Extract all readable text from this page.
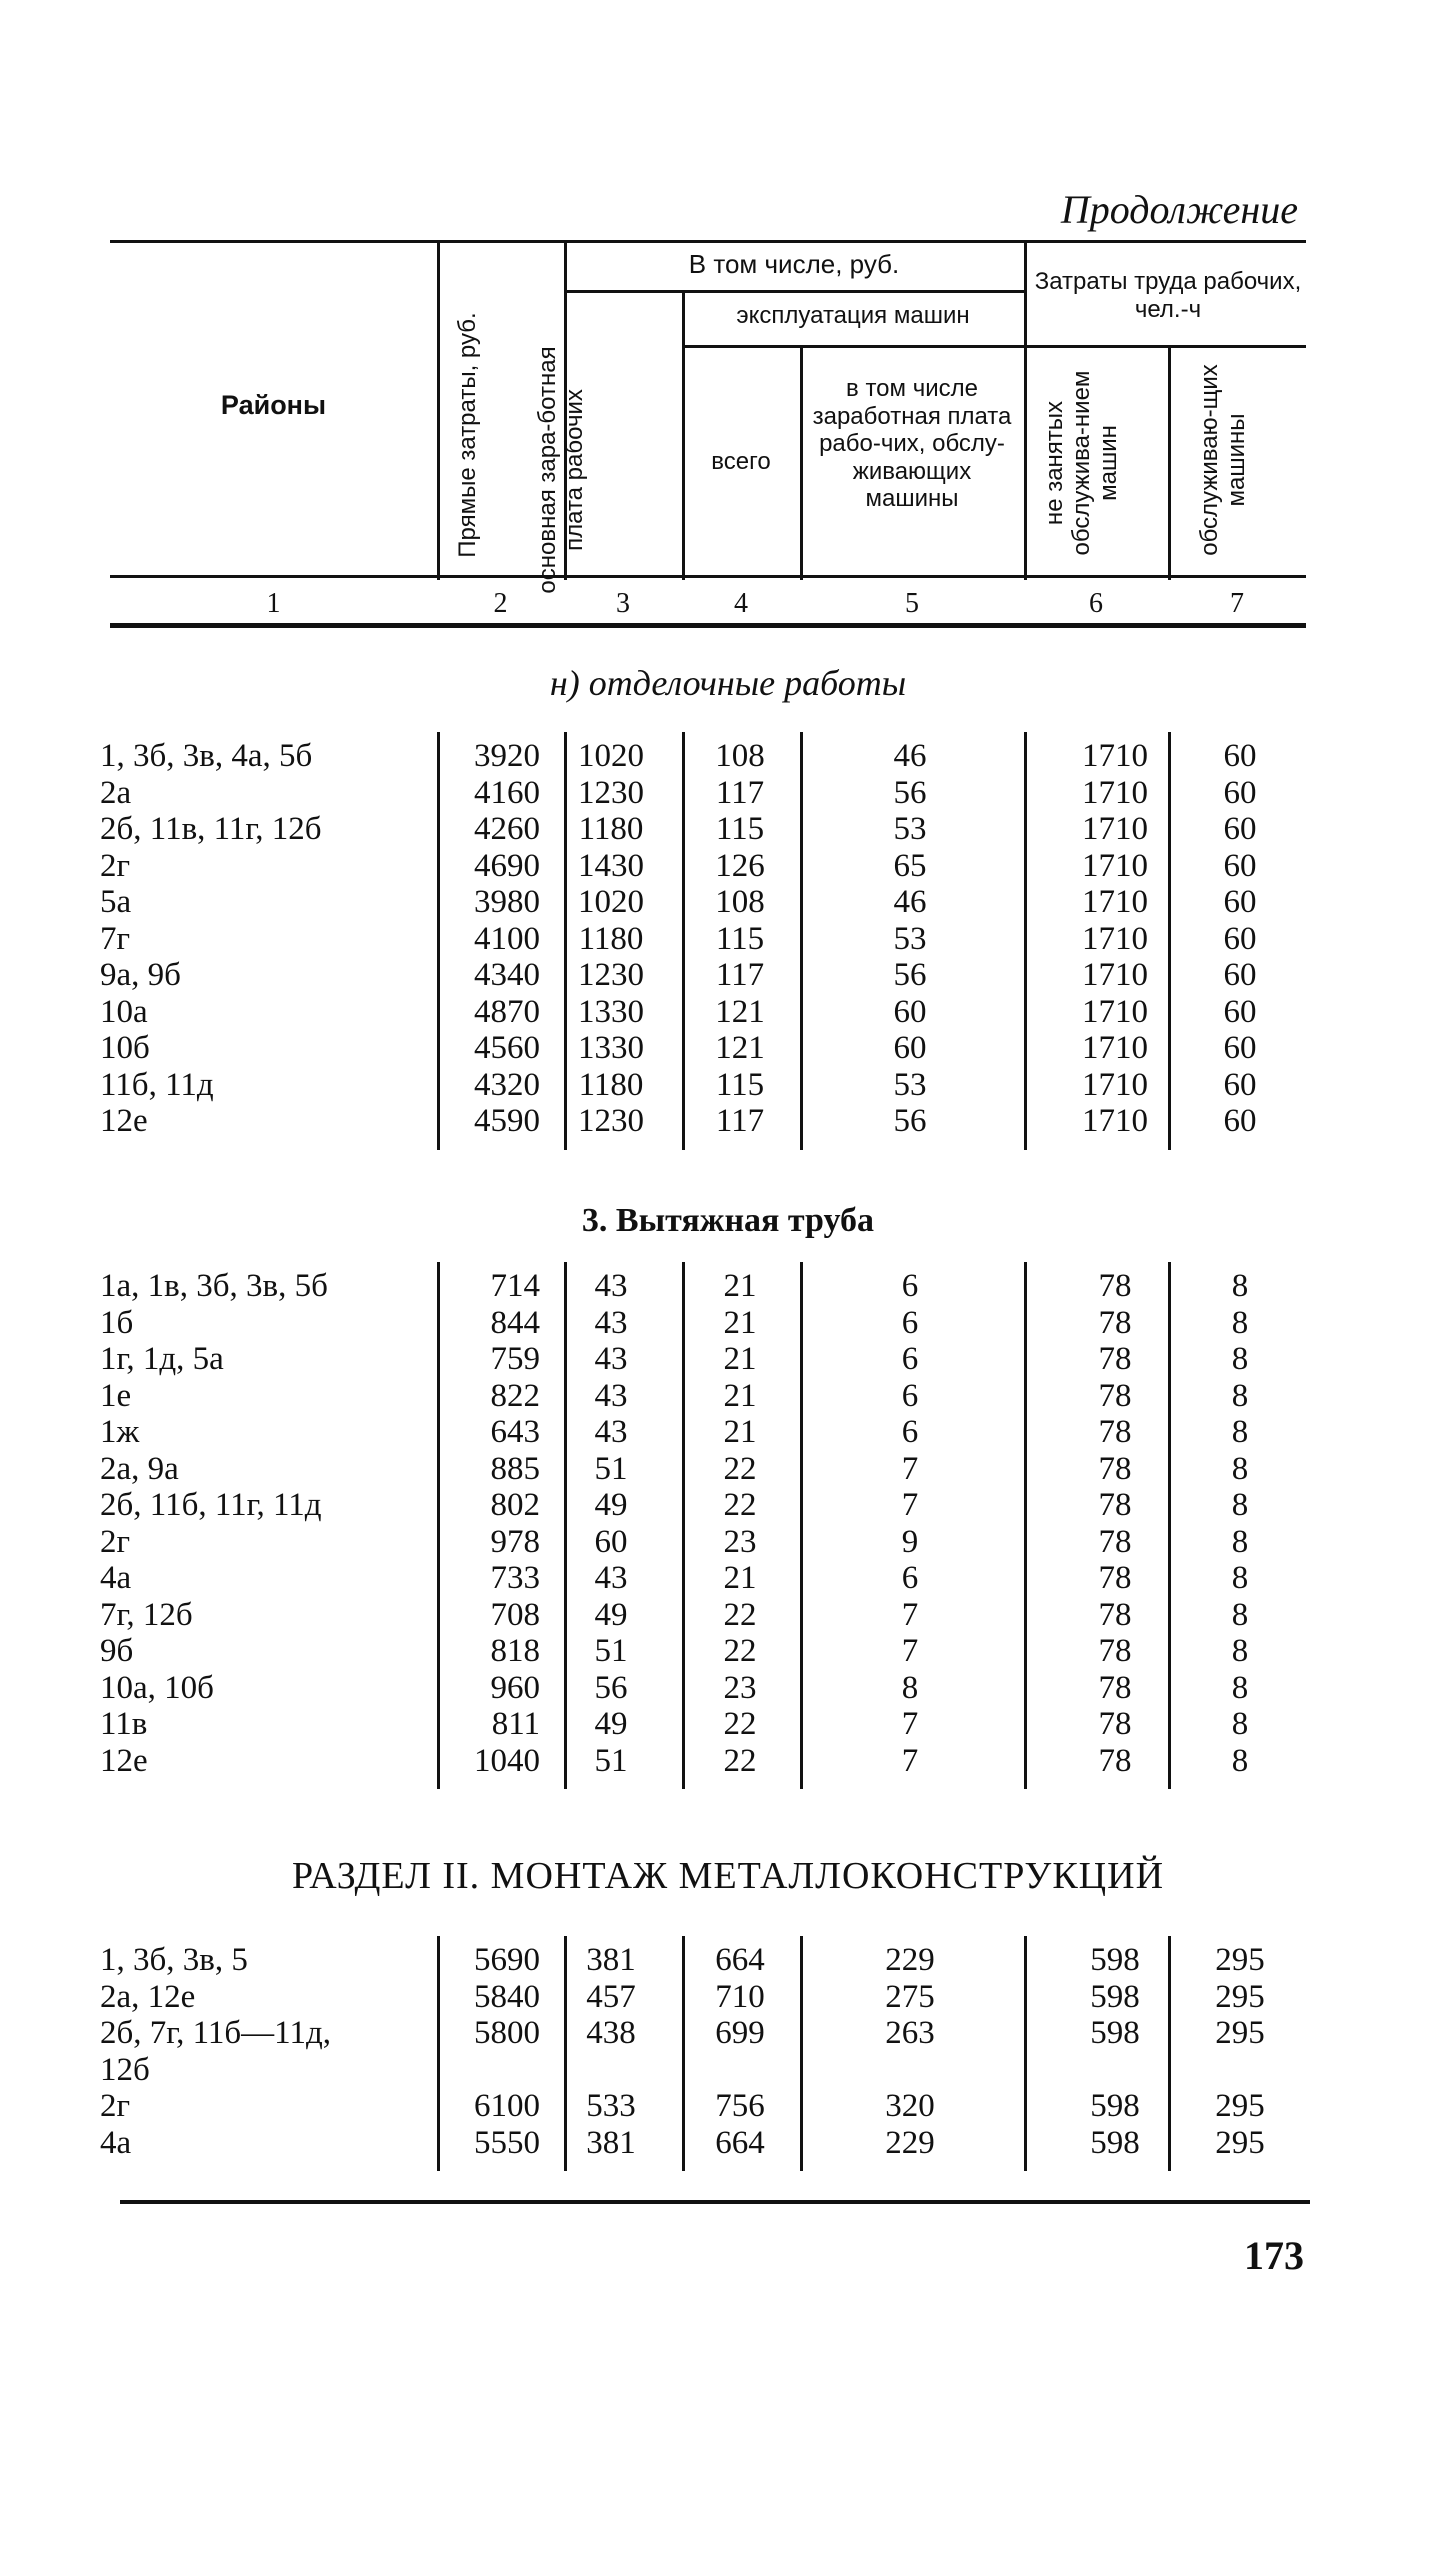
Продолжение
Районы	Прямые затраты, руб.
В том числе, руб.
основная зара-ботная плата рабочих
эксплуатация машин
всего
в том числе заработная плата рабо-чих, обслу-живающих машины
Затраты труда рабочих, чел.-ч
не занятых обслужива-нием машин	обслуживаю-щих машины
1	2	3	4	5	6	7
н) отделочные работы
1, 3б, 3в, 4а, 5б	3920 1020	108	46	1710	60
2а	4160 1230	117	56	1710	60
2б, 11в, 11г, 12б	4260 1180	115	53	1710	60
2г	4690 1430	126	65	1710	60
5а	3980 1020	108	46	1710	60
7г	4100 1180	115	53	1710	60
9а, 9б	4340 1230	117	56	1710	60
10а	4870 1330	121	60	1710	60
10б	4560 1330	121	60	1710	60
11б, 11д	4320 1180	115	53	1710	60
12е	4590 1230	117	56	1710	60
3. Вытяжная труба
1а, 1в, 3б, 3в, 5б	714	43	21	6	78	8
1б	844	43	21	6	78	8
1г, 1д, 5а	759	43	21	6	78	8
1е	822	43	21	6	78	8
1ж	643	43	21	6	78	8
2а, 9а	885	51	22	7	78	8
2б, 11б, 11г, 11д	802	49	22	7	78	8
2г	978	60	23	9	78	8
4а	733	43	21	6	78	8
7г, 12б	708	49	22	7	78	8
9б	818	51	22	7	78	8
10а, 10б	960	56	23	8	78	8
11в	811	49	22	7	78	8
12е	1040	51	22	7	78	8
РАЗДЕЛ II. МОНТАЖ МЕТАЛЛОКОНСТРУКЦИЙ
1, 3б, 3в, 5	5690	381	664	229	598	295
2а, 12е	5840	457	710	275	598	295
2б, 7г, 11б—11д,	5800	438	699	263	598	295
12б
2г	6100	533	756	320	598	295
4а	5550	381	664	229	598	295
173
